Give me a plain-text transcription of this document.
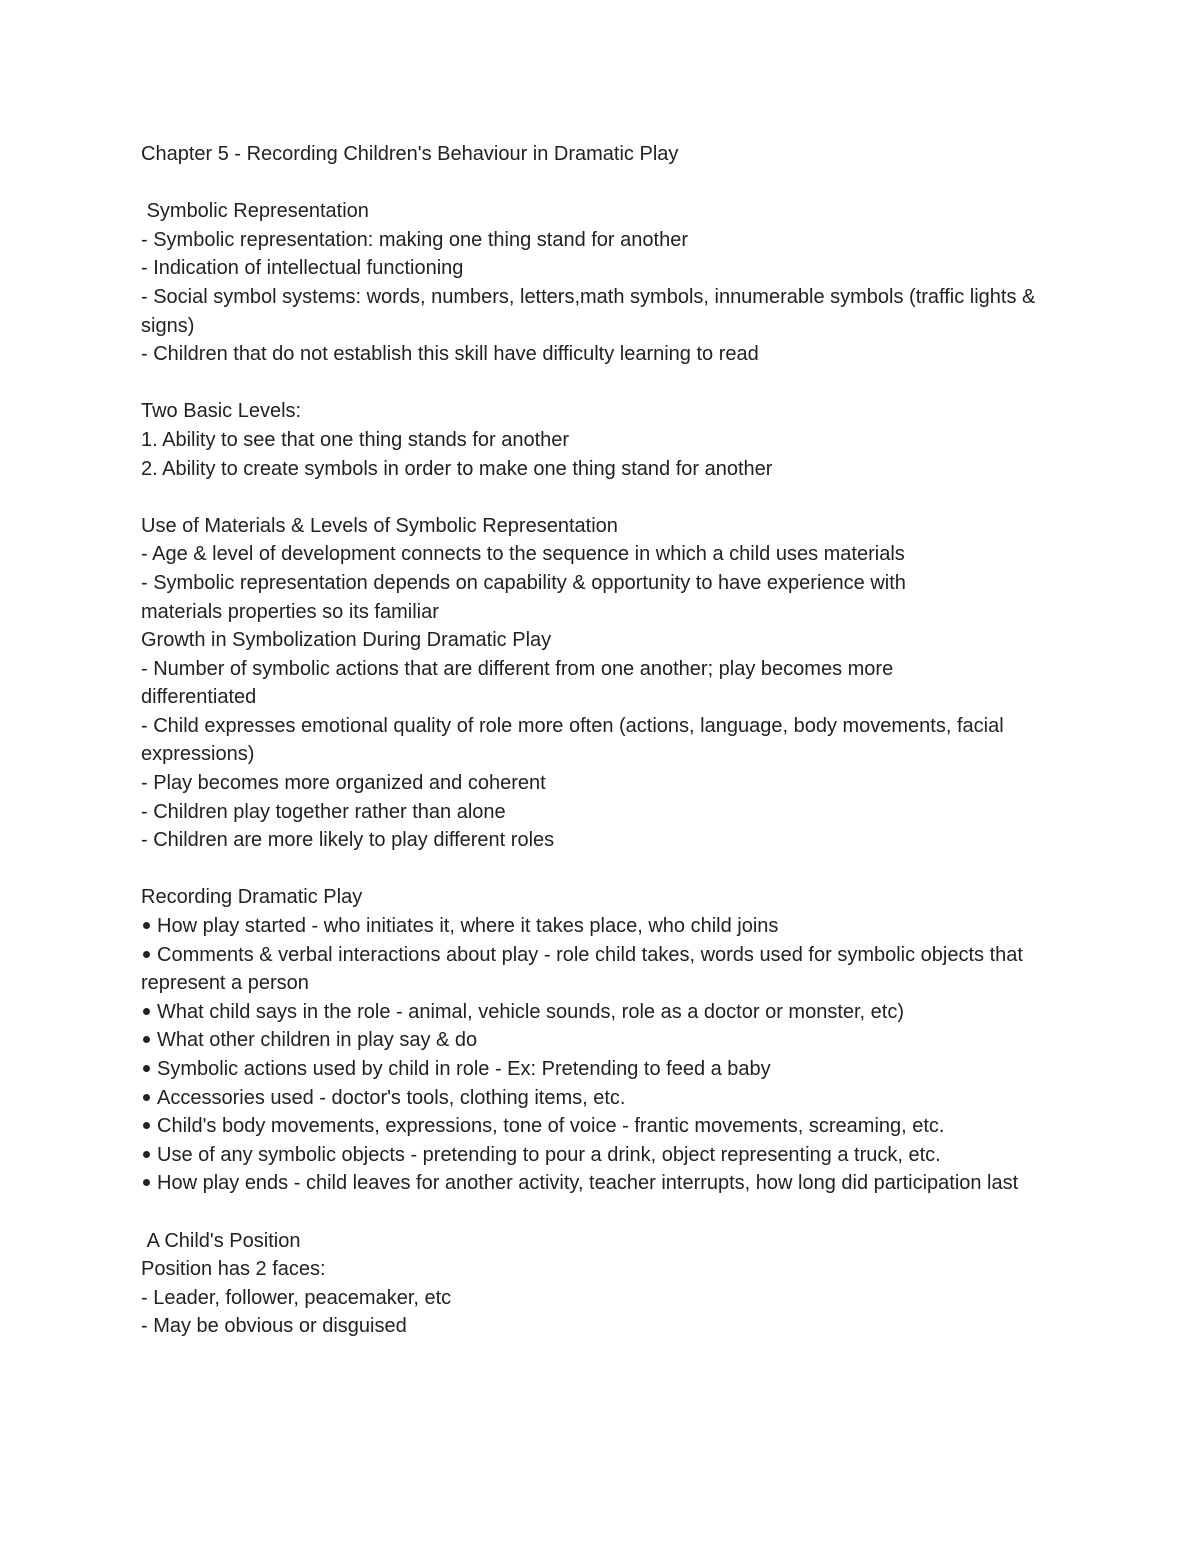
Chapter 5 - Recording Children's Behaviour in Dramatic Play
Symbolic Representation
- Symbolic representation: making one thing stand for another
- Indication of intellectual functioning
- Social symbol systems: words, numbers, letters,math symbols, innumerable symbols (traffic lights & signs)
- Children that do not establish this skill have difficulty learning to read
Two Basic Levels:
1. Ability to see that one thing stands for another
2. Ability to create symbols in order to make one thing stand for another
Use of Materials & Levels of Symbolic Representation
- Age & level of development connects to the sequence in which a child uses materials
- Symbolic representation depends on capability & opportunity to have experience with materials properties so its familiar
Growth in Symbolization During Dramatic Play
- Number of symbolic actions that are different from one another; play becomes more differentiated
- Child expresses emotional quality of role more often (actions, language, body movements, facial expressions)
- Play becomes more organized and coherent
- Children play together rather than alone
- Children are more likely to play different roles
Recording Dramatic Play
How play started - who initiates it, where it takes place, who child joins
Comments & verbal interactions about play - role child takes, words used for symbolic objects that represent a person
What child says in the role - animal, vehicle sounds, role as a doctor or monster, etc)
What other children in play say & do
Symbolic actions used by child in role - Ex: Pretending to feed a baby
Accessories used - doctor's tools, clothing items, etc.
Child's body movements, expressions, tone of voice - frantic movements, screaming, etc.
Use of any symbolic objects - pretending to pour a drink, object representing a truck, etc.
How play ends - child leaves for another activity, teacher interrupts, how long did participation last
A Child's Position
Position has 2 faces:
- Leader, follower, peacemaker, etc
- May be obvious or disguised
